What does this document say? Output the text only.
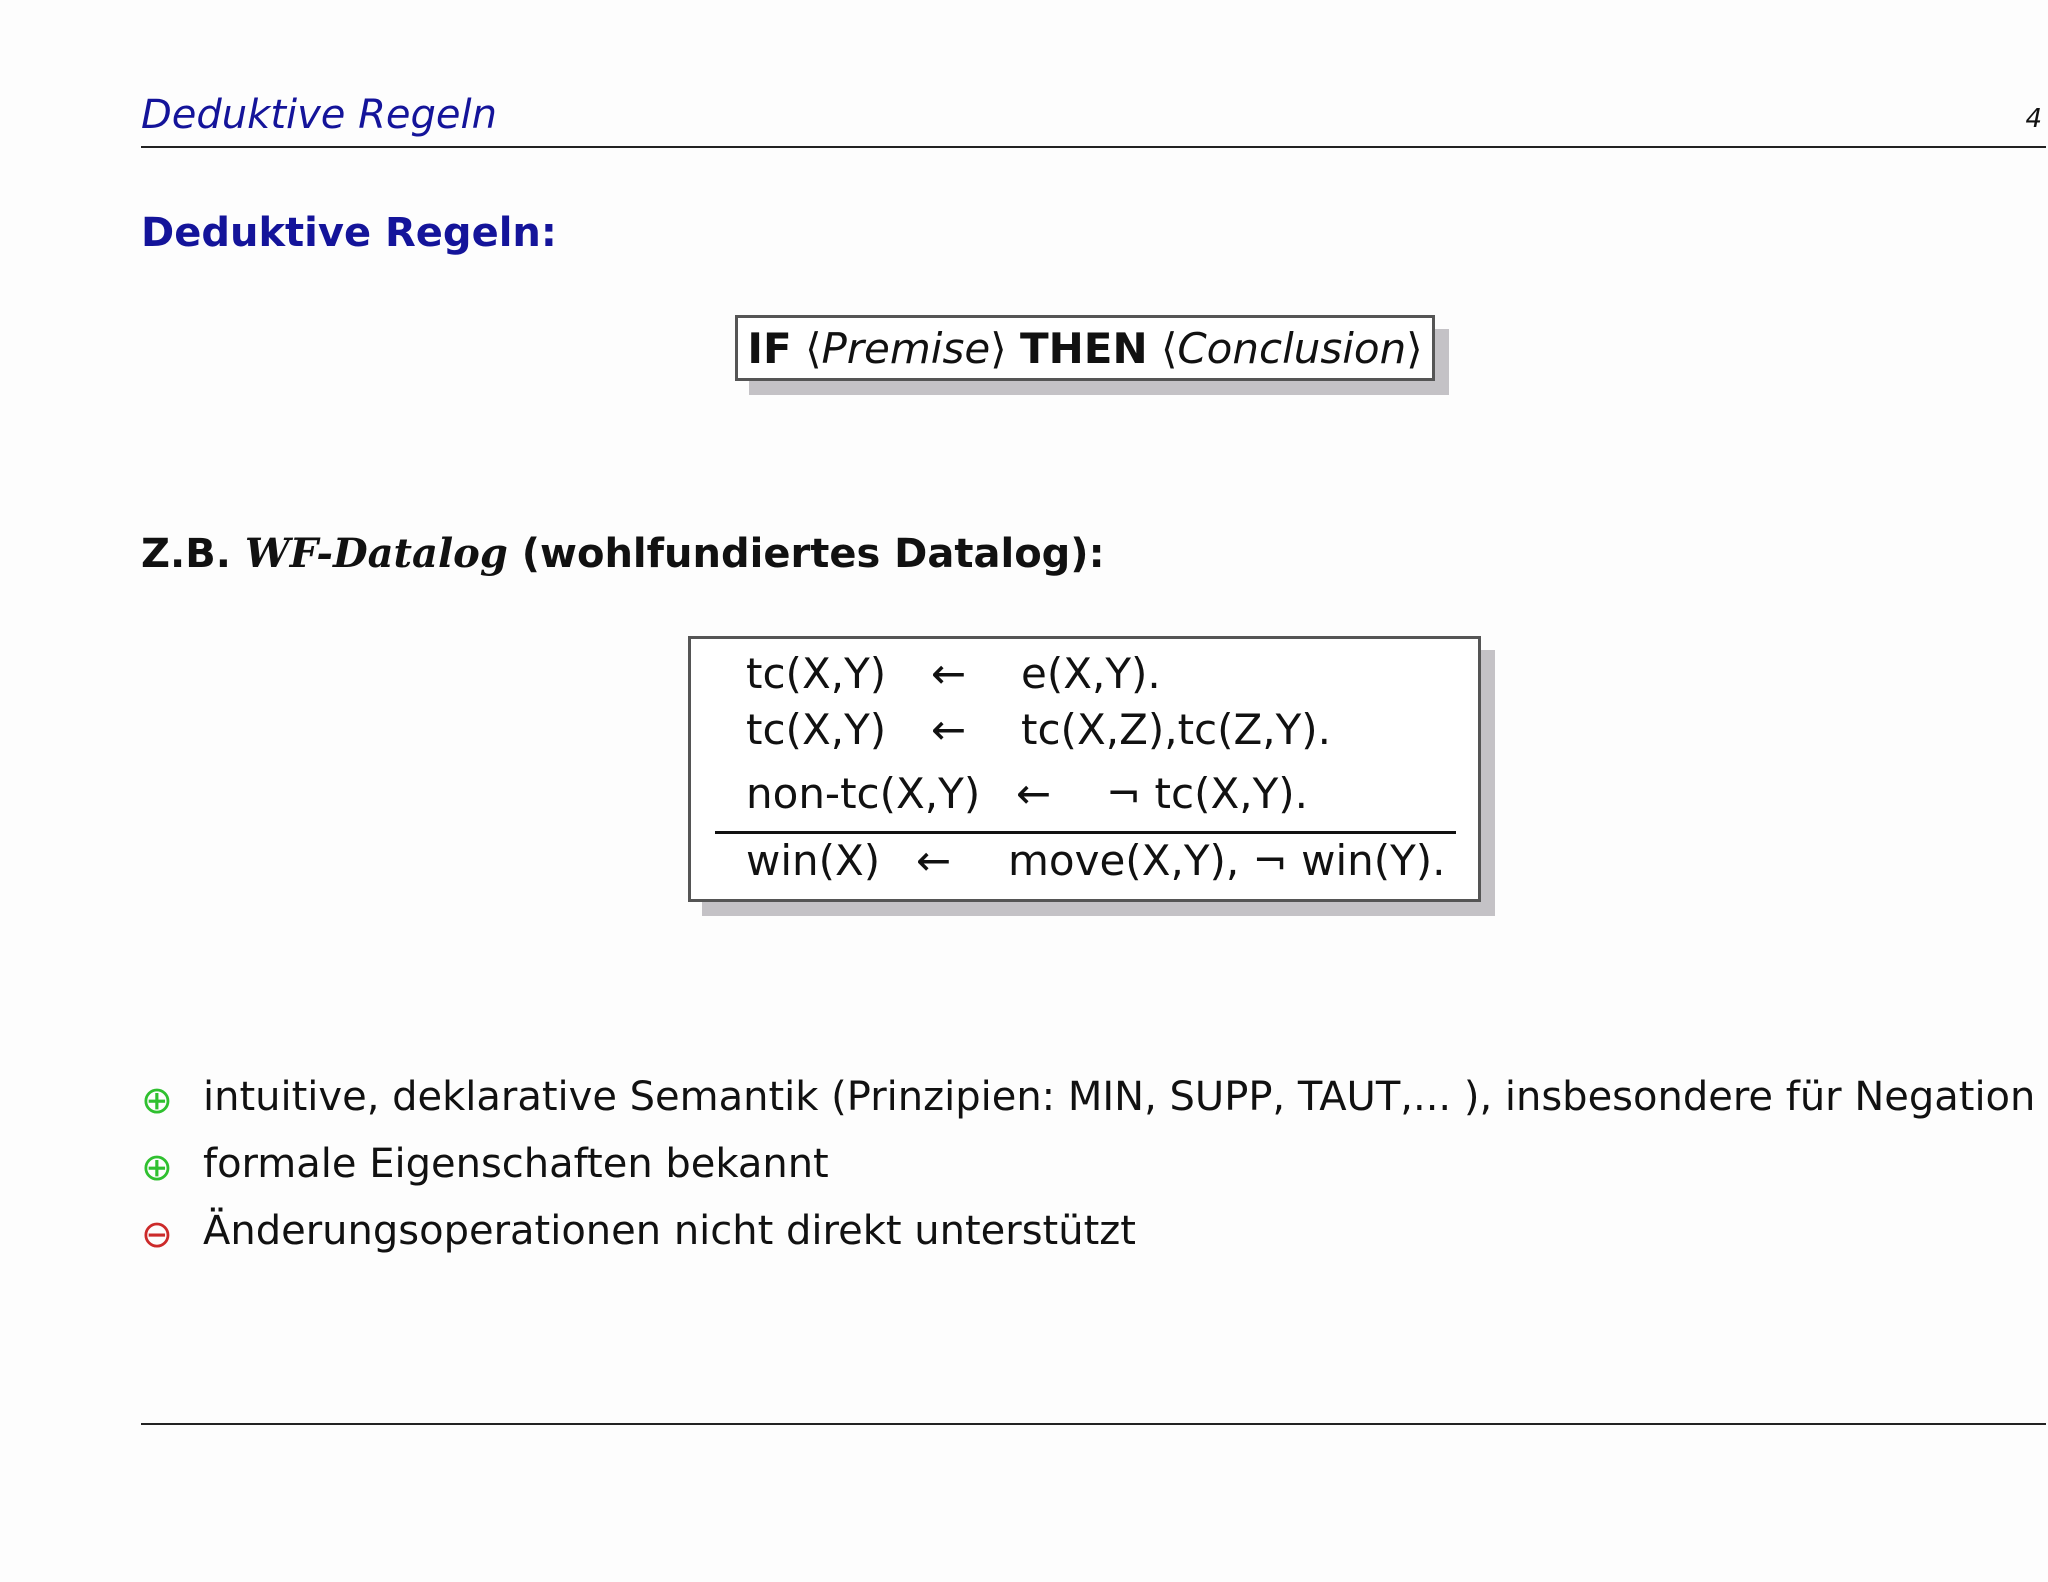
Deduktive Regeln	4
Deduktive Regeln:
IF
⟨ Premise ⟩
THEN
⟨ Conclusion ⟩
Z.B. WF-Datalog (wohlfundiertes Datalog):
tc(X,Y) ← e(X,Y).
tc(X,Y) ← tc(X,Z),tc(Z,Y).
non-tc(X,Y) ← ¬ tc(X,Y).
win(X) ← move(X,Y), ¬ win(Y).
⊕ intuitive, deklarative Semantik (Prinzipien: MIN, SUPP, TAUT,... ), insbesondere für Negation
⊕ formale Eigenschaften bekannt
⊖ Änderungsoperationen nicht direkt unterstützt
